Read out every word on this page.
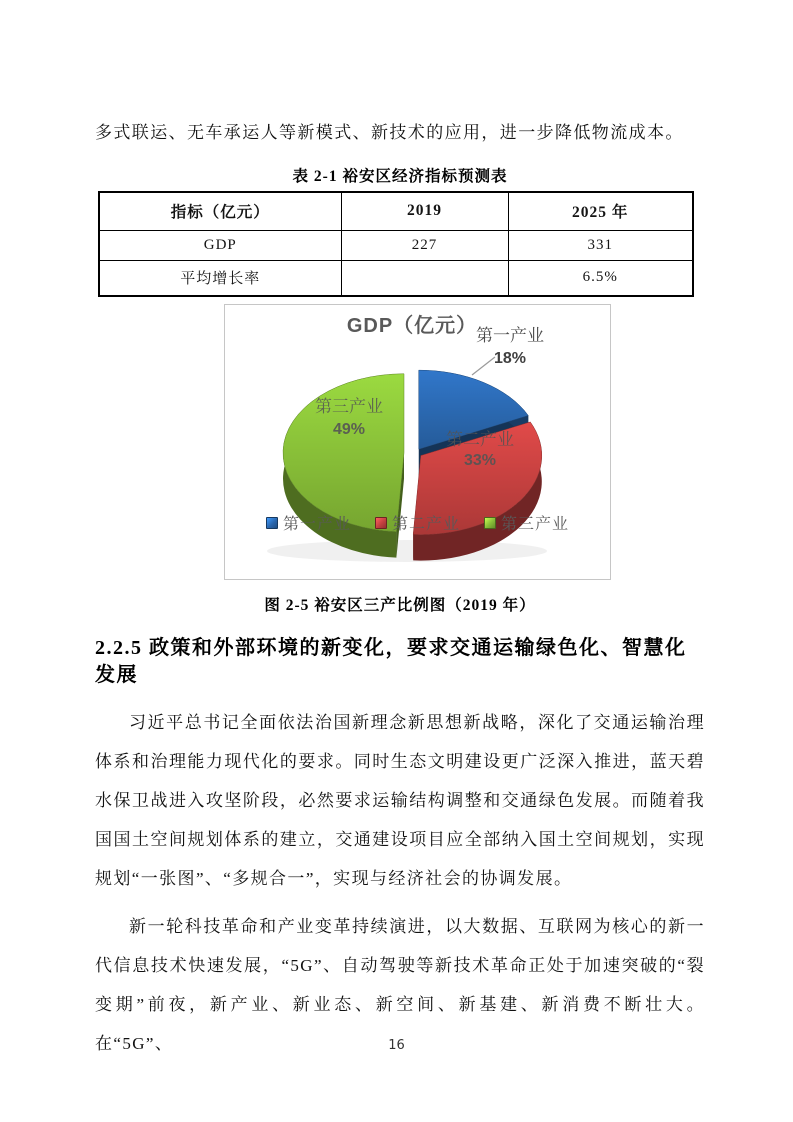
多式联运、无车承运人等新模式、新技术的应用，进一步降低物流成本。

表 2-1 裕安区经济指标预测表
指标（亿元）	2019	2025 年
GDP	227	331
平均增长率		6.5%
第一产业
18%
第二产业
33%
第三产业
49%
GDP（亿元）
第一产业	第二产业	第三产业
图 2-5 裕安区三产比例图（2019 年）
2.2.5 政策和外部环境的新变化，要求交通运输绿色化、智慧化发展

习近平总书记全面依法治国新理念新思想新战略，深化了交通运输治理体系和治理能力现代化的要求。同时生态文明建设更广泛深入推进，蓝天碧水保卫战进入攻坚阶段，必然要求运输结构调整和交通绿色发展。而随着我国国土空间规划体系的建立，交通建设项目应全部纳入国土空间规划，实现规划“一张图”、“多规合一”，实现与经济社会的协调发展。

新一轮科技革命和产业变革持续演进，以大数据、互联网为核心的新一代信息技术快速发展，“5G”、自动驾驶等新技术革命正处于加速突破的“裂变期”前夜，新产业、新业态、新空间、新基建、新消费不断壮大。在“5G”、	16
